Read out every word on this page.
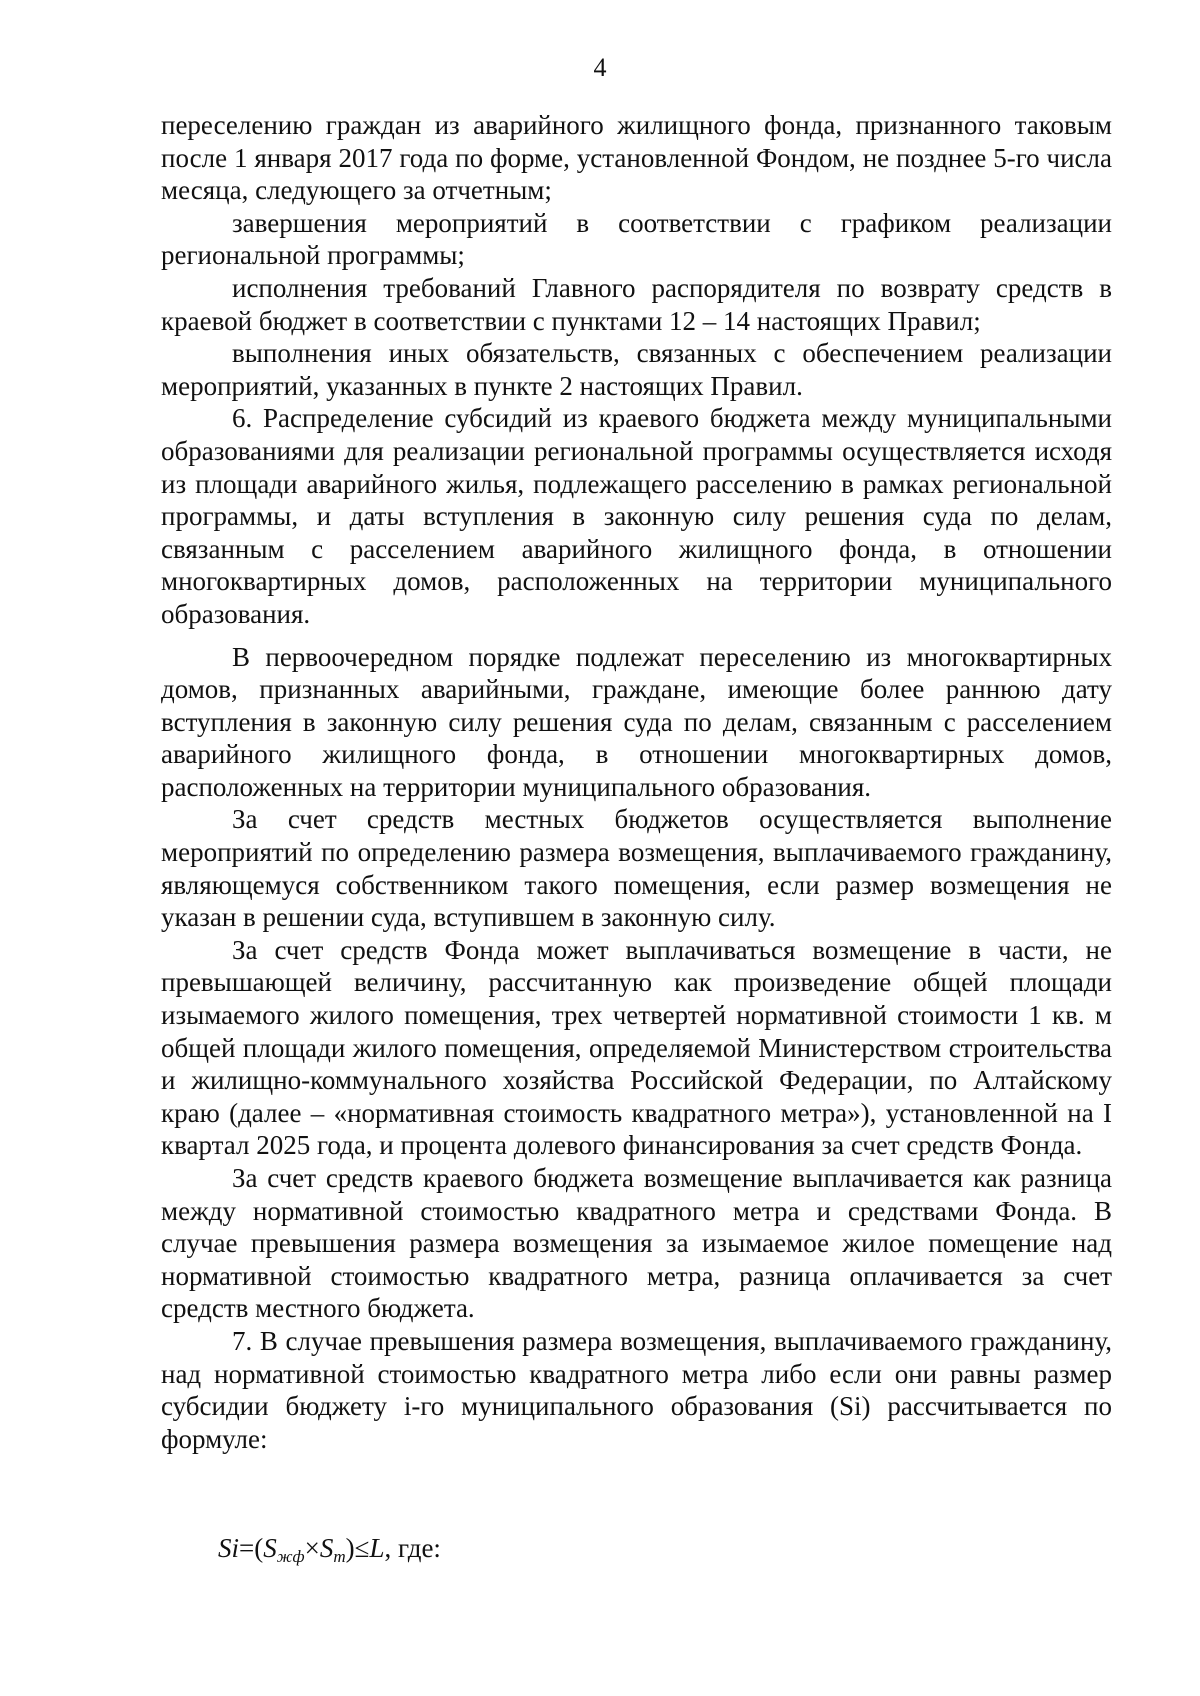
4

переселению граждан из аварийного жилищного фонда, признанного таковым после 1 января 2017 года по форме, установленной Фондом, не позднее 5-го числа месяца, следующего за отчетным;

завершения мероприятий в соответствии с графиком реализации региональной программы;

исполнения требований Главного распорядителя по возврату средств в краевой бюджет в соответствии с пунктами 12 – 14 настоящих Правил;

выполнения иных обязательств, связанных с обеспечением реализации мероприятий, указанных в пункте 2 настоящих Правил.

6. Распределение субсидий из краевого бюджета между муниципальными образованиями для реализации региональной программы осуществляется исходя из площади аварийного жилья, подлежащего расселению в рамках региональной программы, и даты вступления в законную силу решения суда по делам, связанным с расселением аварийного жилищного фонда, в отношении многоквартирных домов, расположенных на территории муниципального образования.

В первоочередном порядке подлежат переселению из многоквартирных домов, признанных аварийными, граждане, имеющие более раннюю дату вступления в законную силу решения суда по делам, связанным с расселением аварийного жилищного фонда, в отношении многоквартирных домов, расположенных на территории муниципального образования.

За счет средств местных бюджетов осуществляется выполнение мероприятий по определению размера возмещения, выплачиваемого гражданину, являющемуся собственником такого помещения, если размер возмещения не указан в решении суда, вступившем в законную силу.

За счет средств Фонда может выплачиваться возмещение в части, не превышающей величину, рассчитанную как произведение общей площади изымаемого жилого помещения, трех четвертей нормативной стоимости 1 кв. м общей площади жилого помещения, определяемой Министерством строительства и жилищно-коммунального хозяйства Российской Федерации, по Алтайскому краю (далее – «нормативная стоимость квадратного метра»), установленной на I квартал 2025 года, и процента долевого финансирования за счет средств Фонда.

За счет средств краевого бюджета возмещение выплачивается как разница между нормативной стоимостью квадратного метра и средствами Фонда. В случае превышения размера возмещения за изымаемое жилое помещение над нормативной стоимостью квадратного метра, разница оплачивается за счет средств местного бюджета.

7. В случае превышения размера возмещения, выплачиваемого гражданину, над нормативной стоимостью квадратного метра либо если они равны размер субсидии бюджету i-го муниципального образования (Si) рассчитывается по формуле:

$Si=(S_{жф}\times S_т)\le L$, где:
